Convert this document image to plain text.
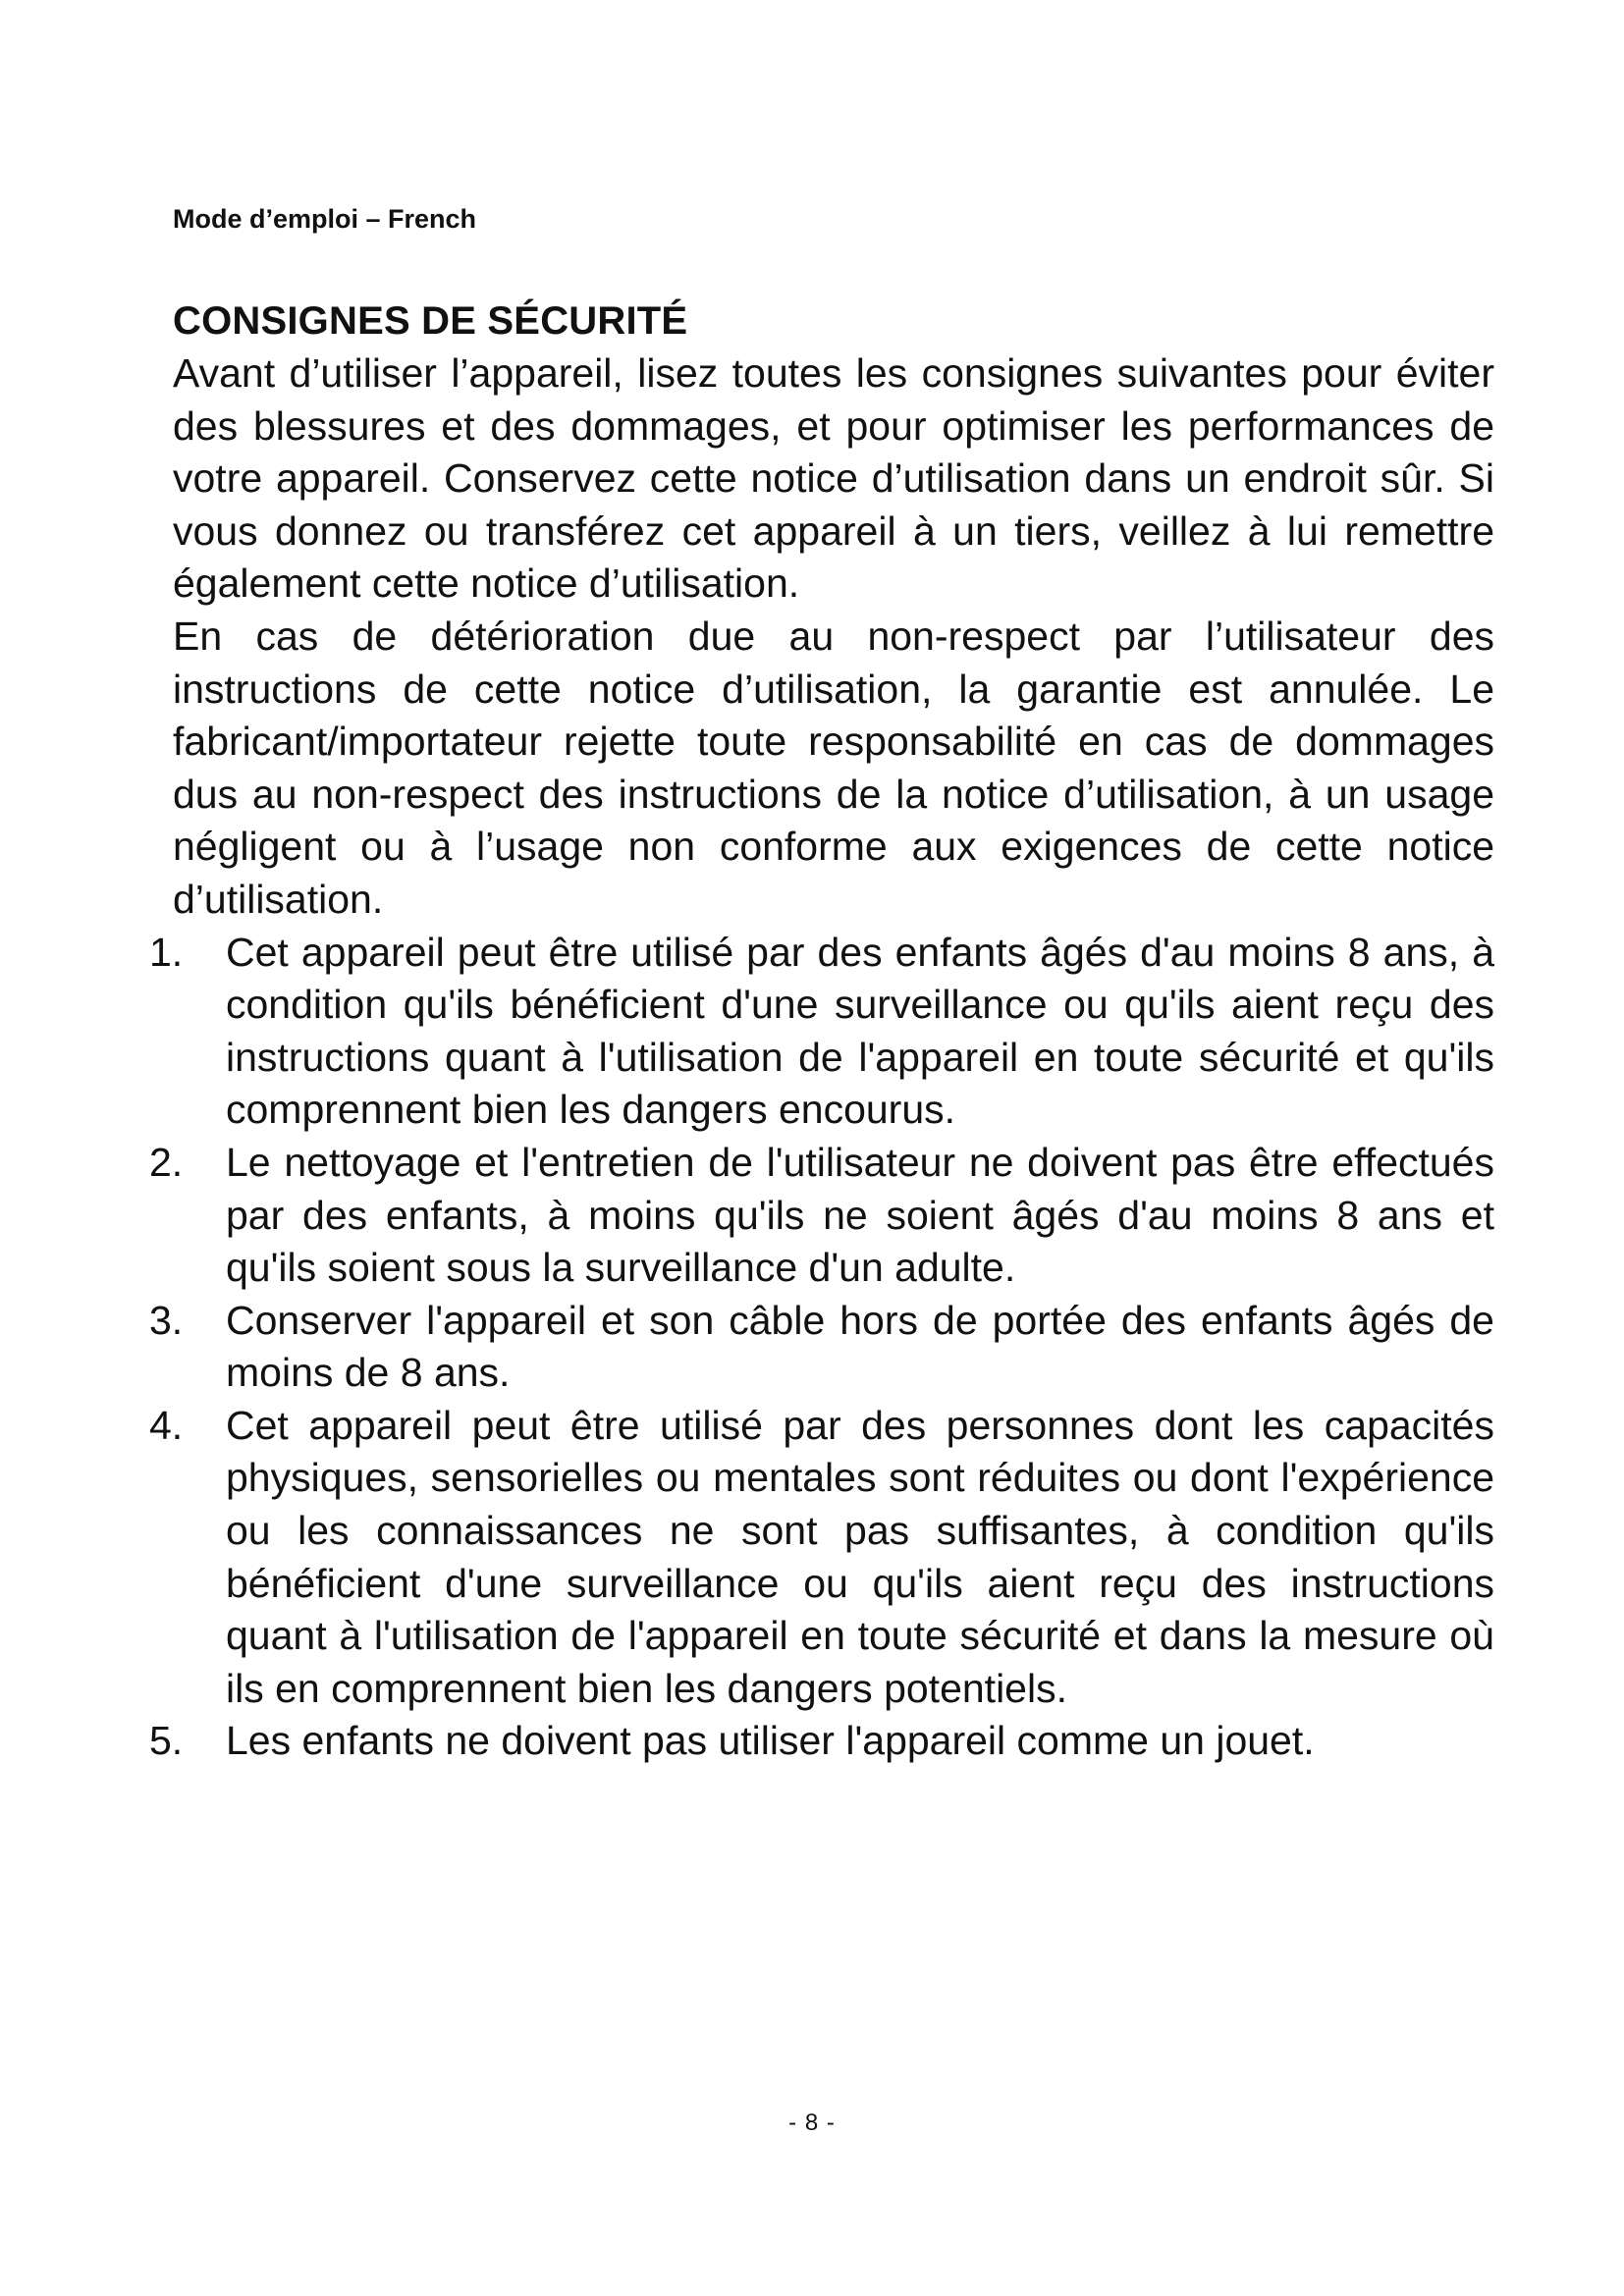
Mode d’emploi – French
CONSIGNES DE SÉCURITÉ

Avant d’utiliser l’appareil, lisez toutes les consignes suivantes pour éviter des blessures et des dommages, et pour optimiser les performances de votre appareil. Conservez cette notice d’utilisation dans un endroit sûr. Si vous donnez ou transférez cet appareil à un tiers, veillez à lui remettre également cette notice d’utilisation.

En cas de détérioration due au non-respect par l’utilisateur des instructions de cette notice d’utilisation, la garantie est annulée. Le fabricant/importateur rejette toute responsabilité en cas de dommages dus au non-respect des instructions de la notice d’utilisation, à un usage négligent ou à l’usage non conforme aux exigences de cette notice d’utilisation.

1.	Cet appareil peut être utilisé par des enfants âgés d'au moins 8 ans, à condition qu'ils bénéficient d'une surveillance ou qu'ils aient reçu des instructions quant à l'utilisation de l'appareil en toute sécurité et qu'ils comprennent bien les dangers encourus.
2.	Le nettoyage et l'entretien de l'utilisateur ne doivent pas être effectués par des enfants, à moins qu'ils ne soient âgés d'au moins 8 ans et qu'ils soient sous la surveillance d'un adulte.
3.	Conserver l'appareil et son câble hors de portée des enfants âgés de moins de 8 ans.
4.	Cet appareil peut être utilisé par des personnes dont les capacités physiques, sensorielles ou mentales sont réduites ou dont l'expérience ou les connaissances ne sont pas suffisantes, à condition qu'ils bénéficient d'une surveillance ou qu'ils aient reçu des instructions quant à l'utilisation de l'appareil en toute sécurité et dans la mesure où ils en comprennent bien les dangers potentiels.
5.	Les enfants ne doivent pas utiliser l'appareil comme un jouet.
- 8 -
